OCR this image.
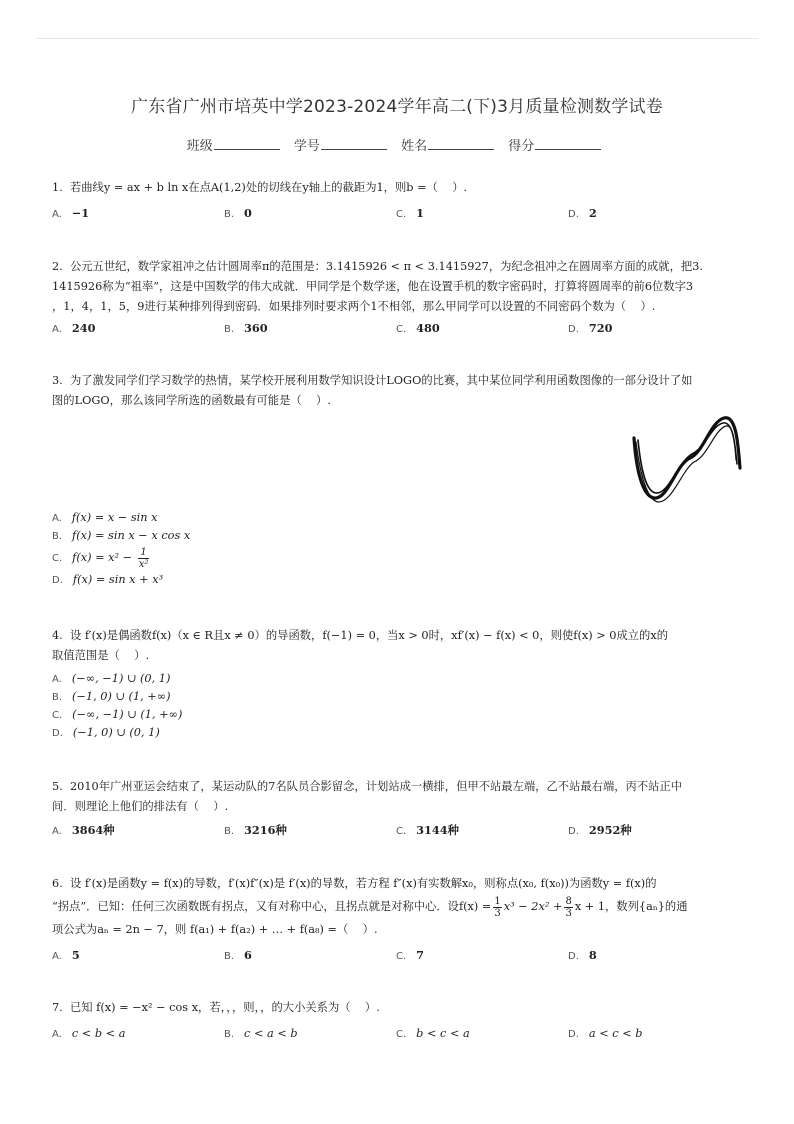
广东省广州市培英中学2023-2024学年高二(下)3月质量检测数学试卷
班级	学号	姓名	得分
1.  若曲线y = ax + b ln x在点A(1,2)处的切线在y轴上的截距为1，则b =（    ）.
A. −1	B. 0	C. 1	D. 2
2.  公元五世纪，数学家祖冲之估计圆周率π的范围是：3.1415926 < π < 3.1415927，为纪念祖冲之在圆周率方面的成就，把3.
1415926称为“祖率”，这是中国数学的伟大成就．甲同学是个数学迷，他在设置手机的数字密码时，打算将圆周率的前6位数字3
，1，4，1，5，9进行某种排列得到密码．如果排列时要求两个1不相邻，那么甲同学可以设置的不同密码个数为（    ）.
A. 240	B. 360	C. 480	D. 720
3.  为了激发同学们学习数学的热情，某学校开展利用数学知识设计LOGO的比赛，其中某位同学利用函数图像的一部分设计了如
图的LOGO，那么该同学所选的函数最有可能是（    ）.
A. f(x) = x − sin x
B. f(x) = sin x − x cos x
C. $f(x) = x^2 - \frac{1}{\text{x²}}$
D. f(x) = sin x + x³
4.  设 f′(x)是偶函数f(x)（x ∈ R且x ≠ 0）的导函数，f(−1) = 0，当x > 0时，xf′(x) − f(x) < 0，则使f(x) > 0成立的x的
取值范围是（    ）.
A. (−∞, −1) ∪ (0, 1)
B. (−1, 0) ∪ (1, +∞)
C. (−∞, −1) ∪ (1, +∞)
D. (−1, 0) ∪ (0, 1)
5.  2010年广州亚运会结束了，某运动队的7名队员合影留念，计划站成一横排，但甲不站最左端，乙不站最右端，丙不站正中
间．则理论上他们的排法有（    ）.
A. 3864种	B. 3216种	C. 3144种	D. 2952种
6.  设 f′(x)是函数y = f(x)的导数，f′(x)f″(x)是 f′(x)的导数，若方程 f″(x)有实数解x₀，则称点(x₀, f(x₀))为函数y = f(x)的
“拐点”．已知：任何三次函数既有拐点，又有对称中心，且拐点就是对称中心．设$f(x) = \frac{1}{3} x^3 - 2x^2 + \frac{8}{3}$ x + 1，数列{aₙ}的通
项公式为aₙ = 2n − 7，则 f(a₁) + f(a₂) + … + f(a₈) =（    ）.
A. 5	B. 6	C. 7	D. 8
7.  已知 f(x) = −x² − cos x，若，，，则，，的大小关系为（    ）.
A. c < b < a	B. c < a < b	C. b < c < a	D. a < c < b
